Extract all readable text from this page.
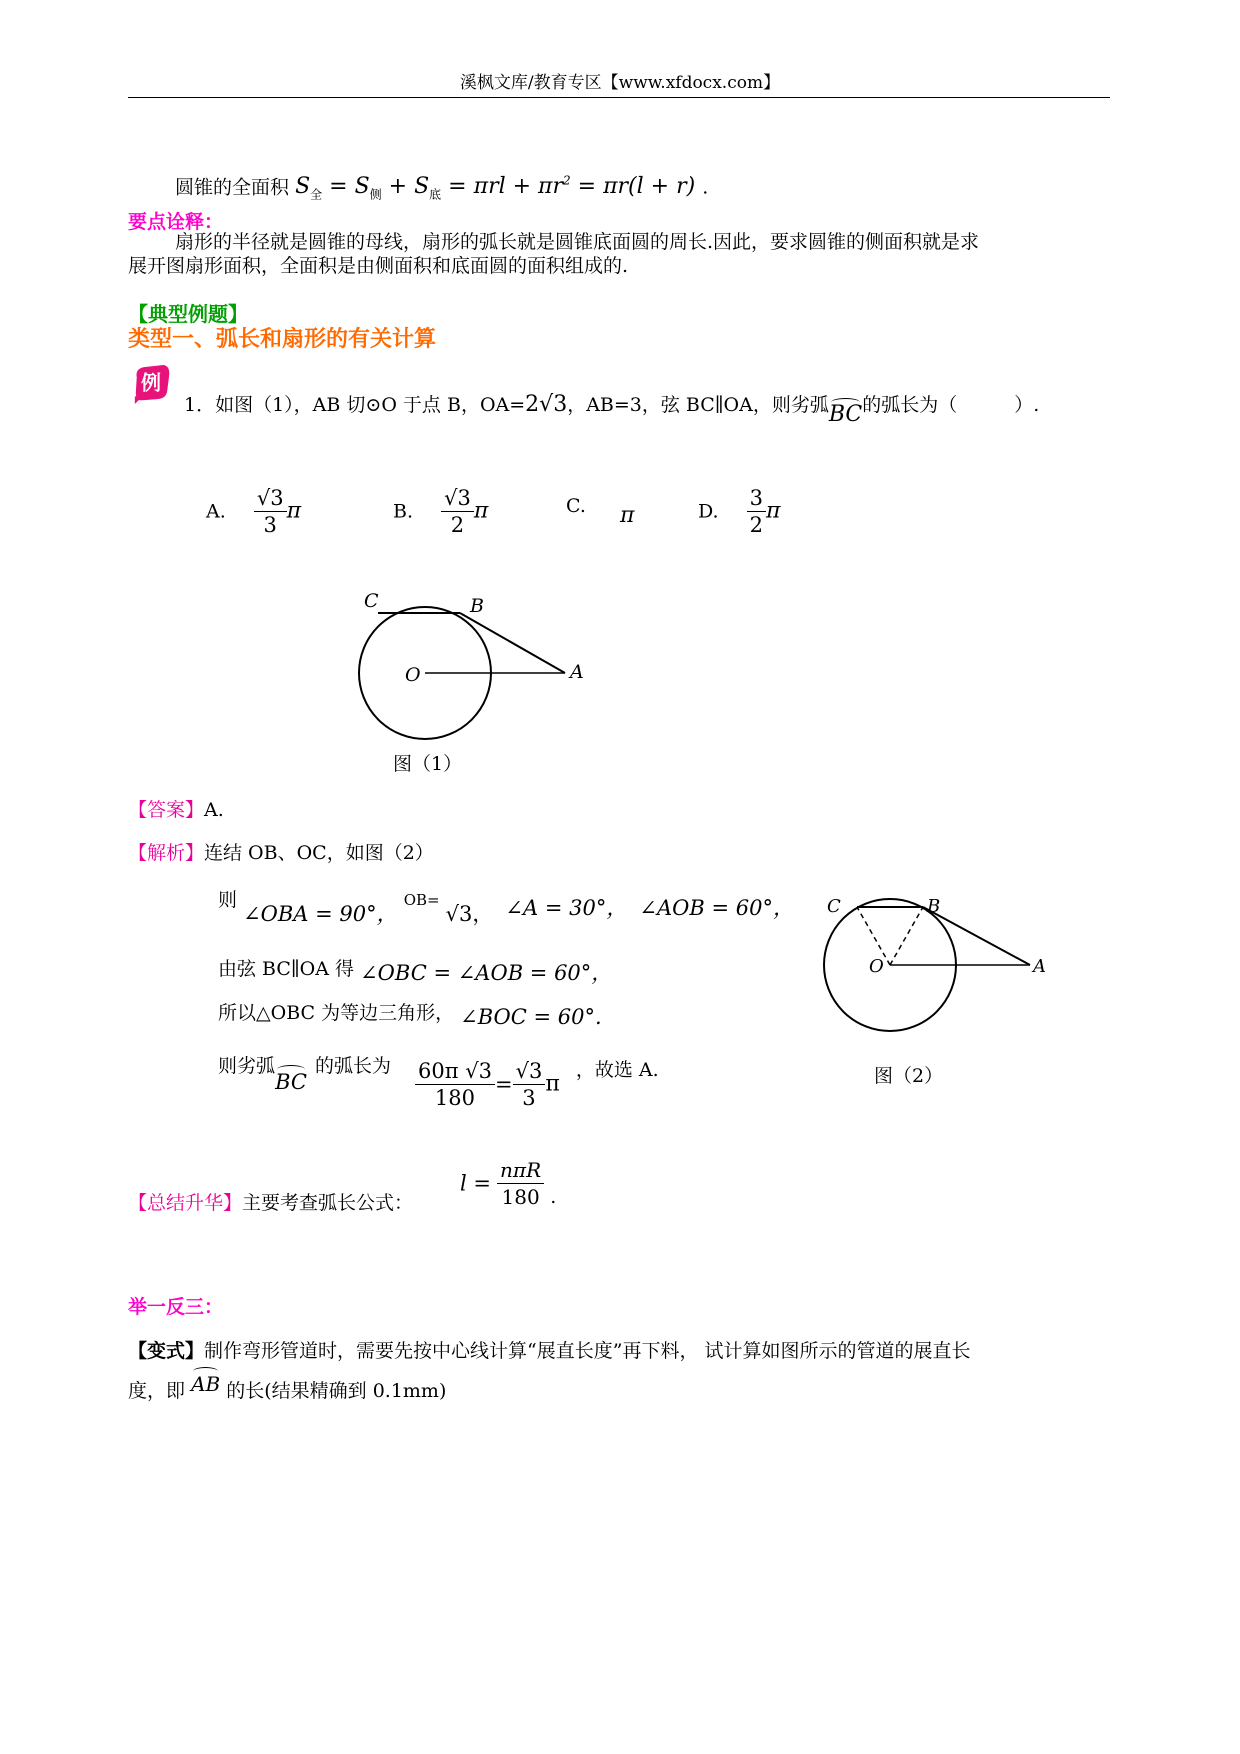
溪枫文库/教育专区【www.xfdocx.com】
圆锥的全面积 $S_全 = S_侧 + S_底 = \pi rl + \pi r^2 = \pi r(l + r)$ .
要点诠释：
扇形的半径就是圆锥的母线，扇形的弧长就是圆锥底面圆的周长.因此，要求圆锥的侧面积就是求
展开图扇形面积，全面积是由侧面积和底面圆的面积组成的.
【典型例题】
类型一、弧长和扇形的有关计算
例
1．如图（1），AB 切⊙O 于点 B，OA=2√3，AB=3，弦 BC∥OA，则劣弧BC的弧长为（　　　）.
A. $\frac{√3}{3}$ π	B. $\frac{√3}{2}$ π	C. π	D. $\frac{3}{2}$ π
C	B
O	A
图（1）
【答案】A.
【解析】连结 OB、OC，如图（2）
则 ∠OBA = 90°， $^{OB=}$ √3， ∠A = 30°， ∠AOB = 60°，
由弦 BC∥OA 得 ∠OBC = ∠AOB = 60°，
所以△OBC 为等边三角形， ∠BOC = 60°.
则劣弧 BC 的弧长为 $\frac{60\pi √3}{180} = \frac{√3}{3}$ π ，故选 A.
C	B
O	A
图（2）
【总结升华】主要考查弧长公式：
$l = \frac{\text{nπR}}{180}$ .
举一反三：
【变式】制作弯形管道时，需要先按中心线计算“展直长度”再下料， 试计算如图所示的管道的展直长
度，即 AB 的长(结果精确到 0.1mm)
